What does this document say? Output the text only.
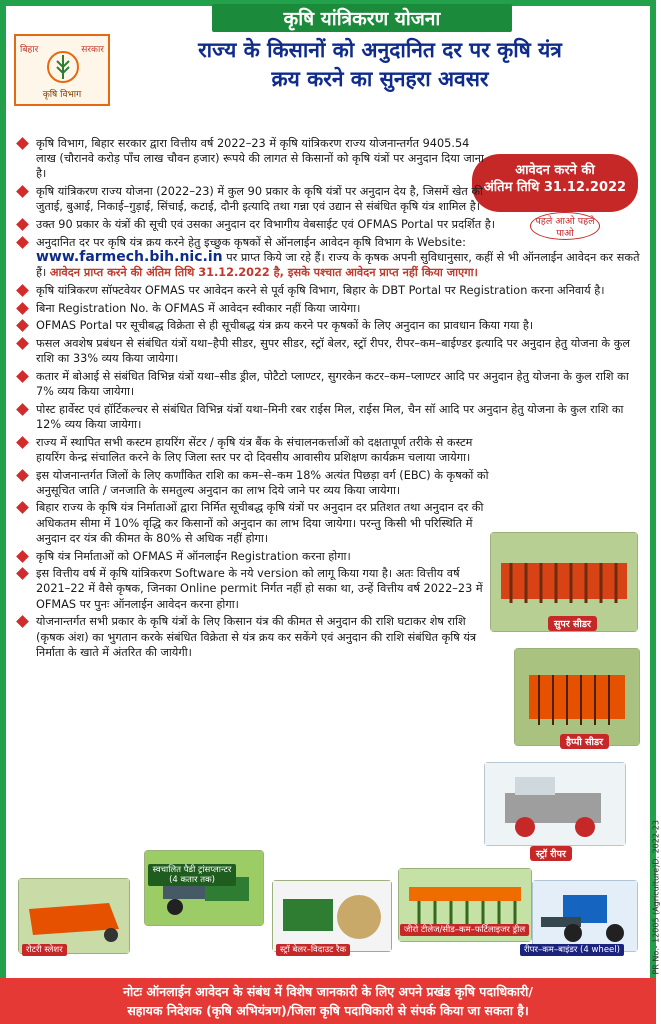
कृषि यांत्रिकरण योजना
बिहार	सरकार
कृषि विभाग
राज्य के किसानों को अनुदानित दर पर कृषि यंत्र
क्रय करने का सुनहरा अवसर
आवेदन करने की
अंतिम तिथि 31.12.2022
पहले आओ पहले पाओ
कृषि विभाग, बिहार सरकार द्वारा वित्तीय वर्ष 2022–23 में कृषि यांत्रिकरण राज्य योजनान्तर्गत 9405.54 लाख (चौरानवे करोड़ पाँच लाख चौवन हजार) रूपये की लागत से किसानों को कृषि यंत्रों पर अनुदान दिया जाना है।
कृषि यांत्रिकरण राज्य योजना (2022–23) में कुल 90 प्रकार के कृषि यंत्रों पर अनुदान देय है, जिसमें खेत की जुताई, बुआई, निकाई–गुड़ाई, सिंचाई, कटाई, दौनी इत्यादि तथा गन्ना एवं उद्यान से संबंधित कृषि यंत्र शामिल है।
उक्त 90 प्रकार के यंत्रों की सूची एवं उसका अनुदान दर विभागीय वेबसाईट एवं OFMAS Portal पर प्रदर्शित है।
अनुदानित दर पर कृषि यंत्र क्रय करने हेतु इच्छुक कृषकों से ऑनलाईन आवेदन कृषि विभाग के Website: www.farmech.bih.nic.in पर प्राप्त किये जा रहे हैं। राज्य के कृषक अपनी सुविधानुसार, कहीं से भी ऑनलाईन आवेदन कर सकते हैं। आवेदन प्राप्त करने की अंतिम तिथि 31.12.2022 है, इसके पश्चात आवेदन प्राप्त नहीं किया जाएगा।
कृषि यांत्रिकरण सॉफ्टवेयर OFMAS पर आवेदन करने से पूर्व कृषि विभाग, बिहार के DBT Portal पर Registration करना अनिवार्य है।
बिना Registration No. के OFMAS में आवेदन स्वीकार नहीं किया जायेगा।
OFMAS Portal पर सूचीबद्ध विक्रेता से ही सूचीबद्ध यंत्र क्रय करने पर कृषकों के लिए अनुदान का प्रावधान किया गया है।
फसल अवशेष प्रबंधन से संबंधित यंत्रों यथा–हैपी सीडर, सुपर सीडर, स्ट्रॉ बेलर, स्ट्रॉ रीपर, रीपर–कम–बाईण्डर इत्यादि पर अनुदान हेतु योजना के कुल राशि का 33% व्यय किया जायेगा।
कतार में बोआई से संबंधित विभिन्न यंत्रों यथा–सीड ड्रील, पोटैटो प्लाण्टर, सुगरकेन कटर–कम–प्लाण्टर आदि पर अनुदान हेतु योजना के कुल राशि का 7% व्यय किया जायेगा।
पोस्ट हार्वेस्ट एवं हॉर्टिकल्चर से संबंधित विभिन्न यंत्रों यथा–मिनी रबर राईस मिल, राईस मिल, चैन सॉ आदि पर अनुदान हेतु योजना के कुल राशि का 12% व्यय किया जायेगा।
राज्य में स्थापित सभी कस्टम हायरिंग सेंटर / कृषि यंत्र बैंक के संचालनकर्त्ताओं को दक्षतापूर्ण तरीके से कस्टम हायरिंग केन्द्र संचालित करने के लिए जिला स्तर पर दो दिवसीय आवासीय प्रशिक्षण कार्यक्रम चलाया जायेगा।
इस योजनान्तर्गत जिलों के लिए कर्णांकित राशि का कम–से–कम 18% अत्यंत पिछड़ा वर्ग (EBC) के कृषकों को अनुसूचित जाति / जनजाति के समतुल्य अनुदान का लाभ दिये जाने पर व्यय किया जायेगा।
बिहार राज्य के कृषि यंत्र निर्माताओं द्वारा निर्मित सूचीबद्ध कृषि यंत्रों पर अनुदान दर प्रतिशत तथा अनुदान दर की अधिकतम सीमा में 10% वृद्धि कर किसानों को अनुदान का लाभ दिया जायेगा। परन्तु किसी भी परिस्थिति में अनुदान दर यंत्र की कीमत के 80% से अधिक नहीं होगा।
कृषि यंत्र निर्माताओं को OFMAS में ऑनलाईन Registration करना होगा।
इस वित्तीय वर्ष में कृषि यांत्रिकरण Software के नये version को लागू किया गया है। अतः वित्तीय वर्ष 2021–22 में वैसे कृषक, जिनका Online permit निर्गत नहीं हो सका था, उन्हें वित्तीय वर्ष 2022–23 में OFMAS पर पुनः ऑनलाईन आवेदन करना होगा।
योजनान्तर्गत सभी प्रकार के कृषि यंत्रों के लिए किसान यंत्र की कीमत से अनुदान की राशि घटाकर शेष राशि (कृषक अंश) का भुगतान करके संबंधित विक्रेता से यंत्र क्रय कर सकेंगे एवं अनुदान की राशि संबंधित कृषि यंत्र निर्माता के खाते में अंतरित की जायेगी।
सुपर सीडर
हैप्पी सीडर
स्ट्रॉ रीपर	PR No.- 12005 (Agriculture)D. 2022-23
रोटरी स्लेशर
स्वचालित पैडी ट्रांसप्लान्टर (4 कतार तक)
स्ट्रॉ बेलर–विदाउट रैक
जीरो टीलेज/सीड–कम–फर्टिलाइजर ड्रील
रीपर–कम–बाइंडर (4 wheel)
नोटः ऑनलाईन आवेदन के संबंध में विशेष जानकारी के लिए अपने प्रखंड कृषि पदाधिकारी/
सहायक निदेशक (कृषि अभियंत्रण)/जिला कृषि पदाधिकारी से संपर्क किया जा सकता है।
